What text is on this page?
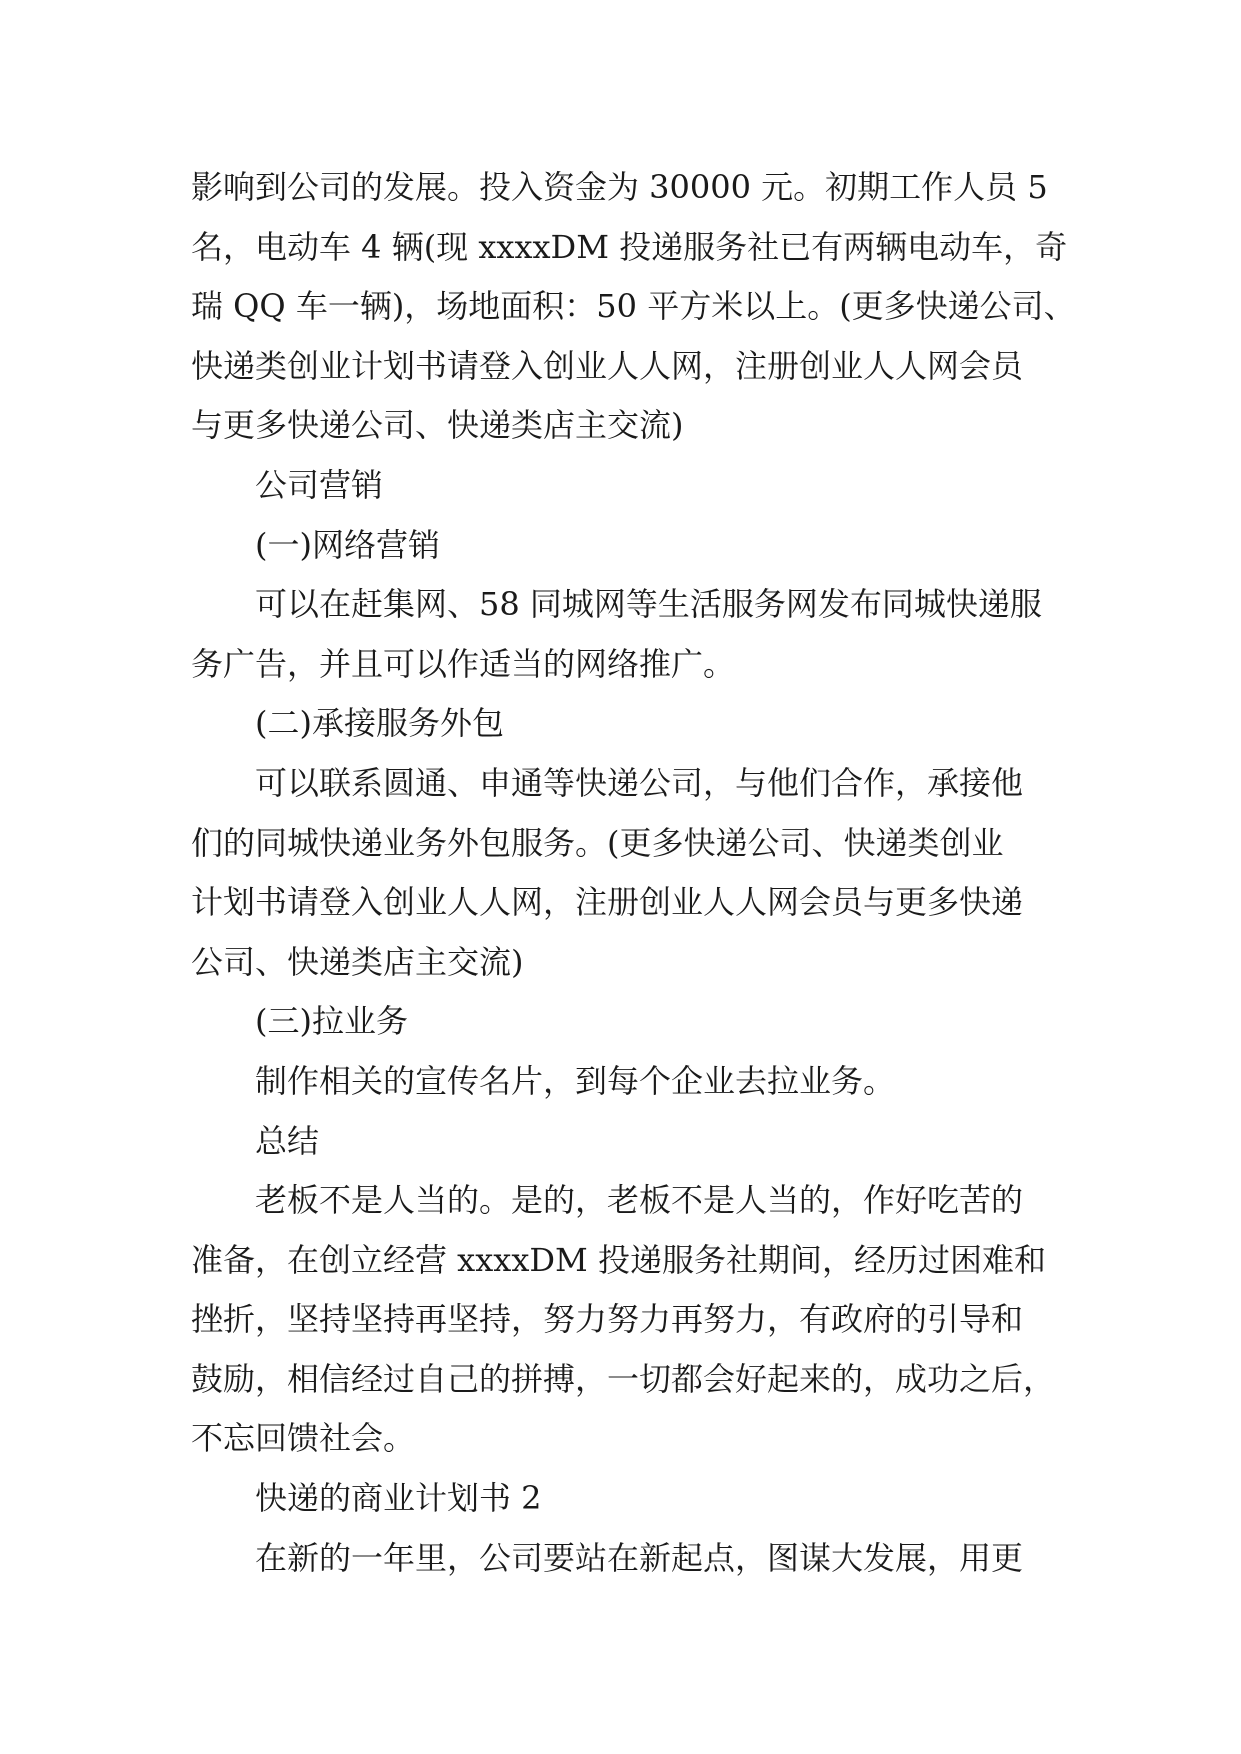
影响到公司的发展。投入资金为 30000 元。初期工作人员 5
名，电动车 4 辆(现 xxxxDM 投递服务社已有两辆电动车，奇
瑞 QQ 车一辆)，场地面积：50 平方米以上。(更多快递公司、
快递类创业计划书请登入创业人人网，注册创业人人网会员
与更多快递公司、快递类店主交流)
公司营销
(一)网络营销
可以在赶集网、58 同城网等生活服务网发布同城快递服
务广告，并且可以作适当的网络推广。
(二)承接服务外包
可以联系圆通、申通等快递公司，与他们合作，承接他
们的同城快递业务外包服务。(更多快递公司、快递类创业
计划书请登入创业人人网，注册创业人人网会员与更多快递
公司、快递类店主交流)
(三)拉业务
制作相关的宣传名片，到每个企业去拉业务。
总结
老板不是人当的。是的，老板不是人当的，作好吃苦的
准备，在创立经营 xxxxDM 投递服务社期间，经历过困难和
挫折，坚持坚持再坚持，努力努力再努力，有政府的引导和
鼓励，相信经过自己的拼搏，一切都会好起来的，成功之后，
不忘回馈社会。
快递的商业计划书 2
在新的一年里，公司要站在新起点，图谋大发展，用更
